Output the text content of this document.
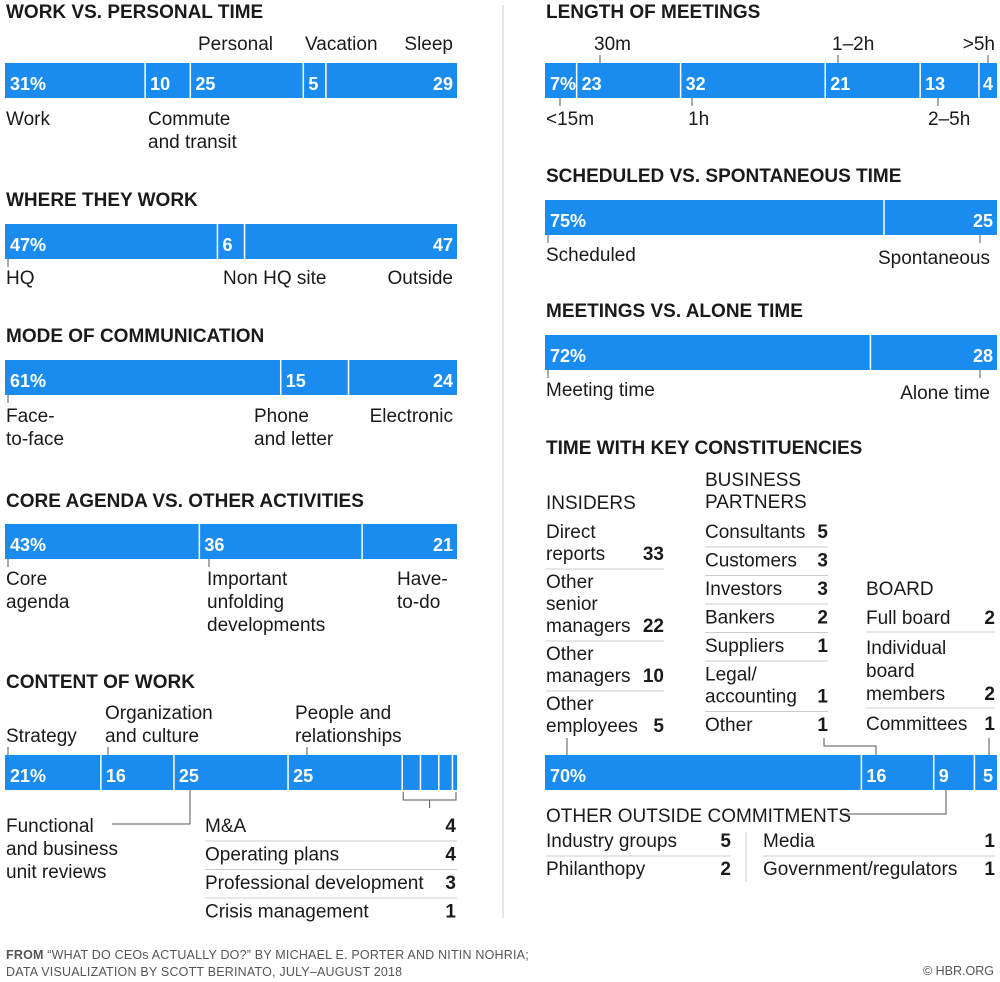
WORK VS. PERSONAL TIME
31%	10 25	5	29
Personal Vacation Sleep
Work	Commute
and transit
WHERE THEY WORK
47%	6	47
HQ	Non HQ site	Outside
MODE OF COMMUNICATION
61%	15	24
Face-
to-face
Phone
and letter
Electronic
CORE AGENDA VS. OTHER ACTIVITIES
43%	36	21
Core
agenda
Important
unfolding
developments
Have-
to-do
CONTENT OF WORK
21%	16	25	25
Strategy
Organization
and culture
People and
relationships
Functional
and business
unit reviews
M&A	4
Operating plans	4
Professional development 3
Crisis management	1
LENGTH OF MEETINGS
7% 23	32	21	13 4
30m	1–2h	>5h
<15m	1h	2–5h
SCHEDULED VS. SPONTANEOUS TIME
75%	25
Scheduled	Spontaneous
MEETINGS VS. ALONE TIME
72%	28
Meeting time	Alone time
TIME WITH KEY CONSTITUENCIES
INSIDERS
Direct
reports 33
Other
senior
managers 22
Other
managers 10
Other
employees 5
BUSINESS
PARTNERS
Consultants 5
Customers 3
Investors 3
Bankers 2
Suppliers 1
Legal/
accounting 1
Other	1
BOARD
Full board 2
Individual
board
members 2
Committees 1
70%	16	9 5
OTHER OUTSIDE COMMITMENTS
Industry groups 5
Philanthopy	2
Media	1
Government/regulators 1
FROM “WHAT DO CEOs ACTUALLY DO?” BY MICHAEL E. PORTER AND NITIN NOHRIA;
DATA VISUALIZATION BY SCOTT BERINATO, JULY–AUGUST 2018	© HBR.ORG
